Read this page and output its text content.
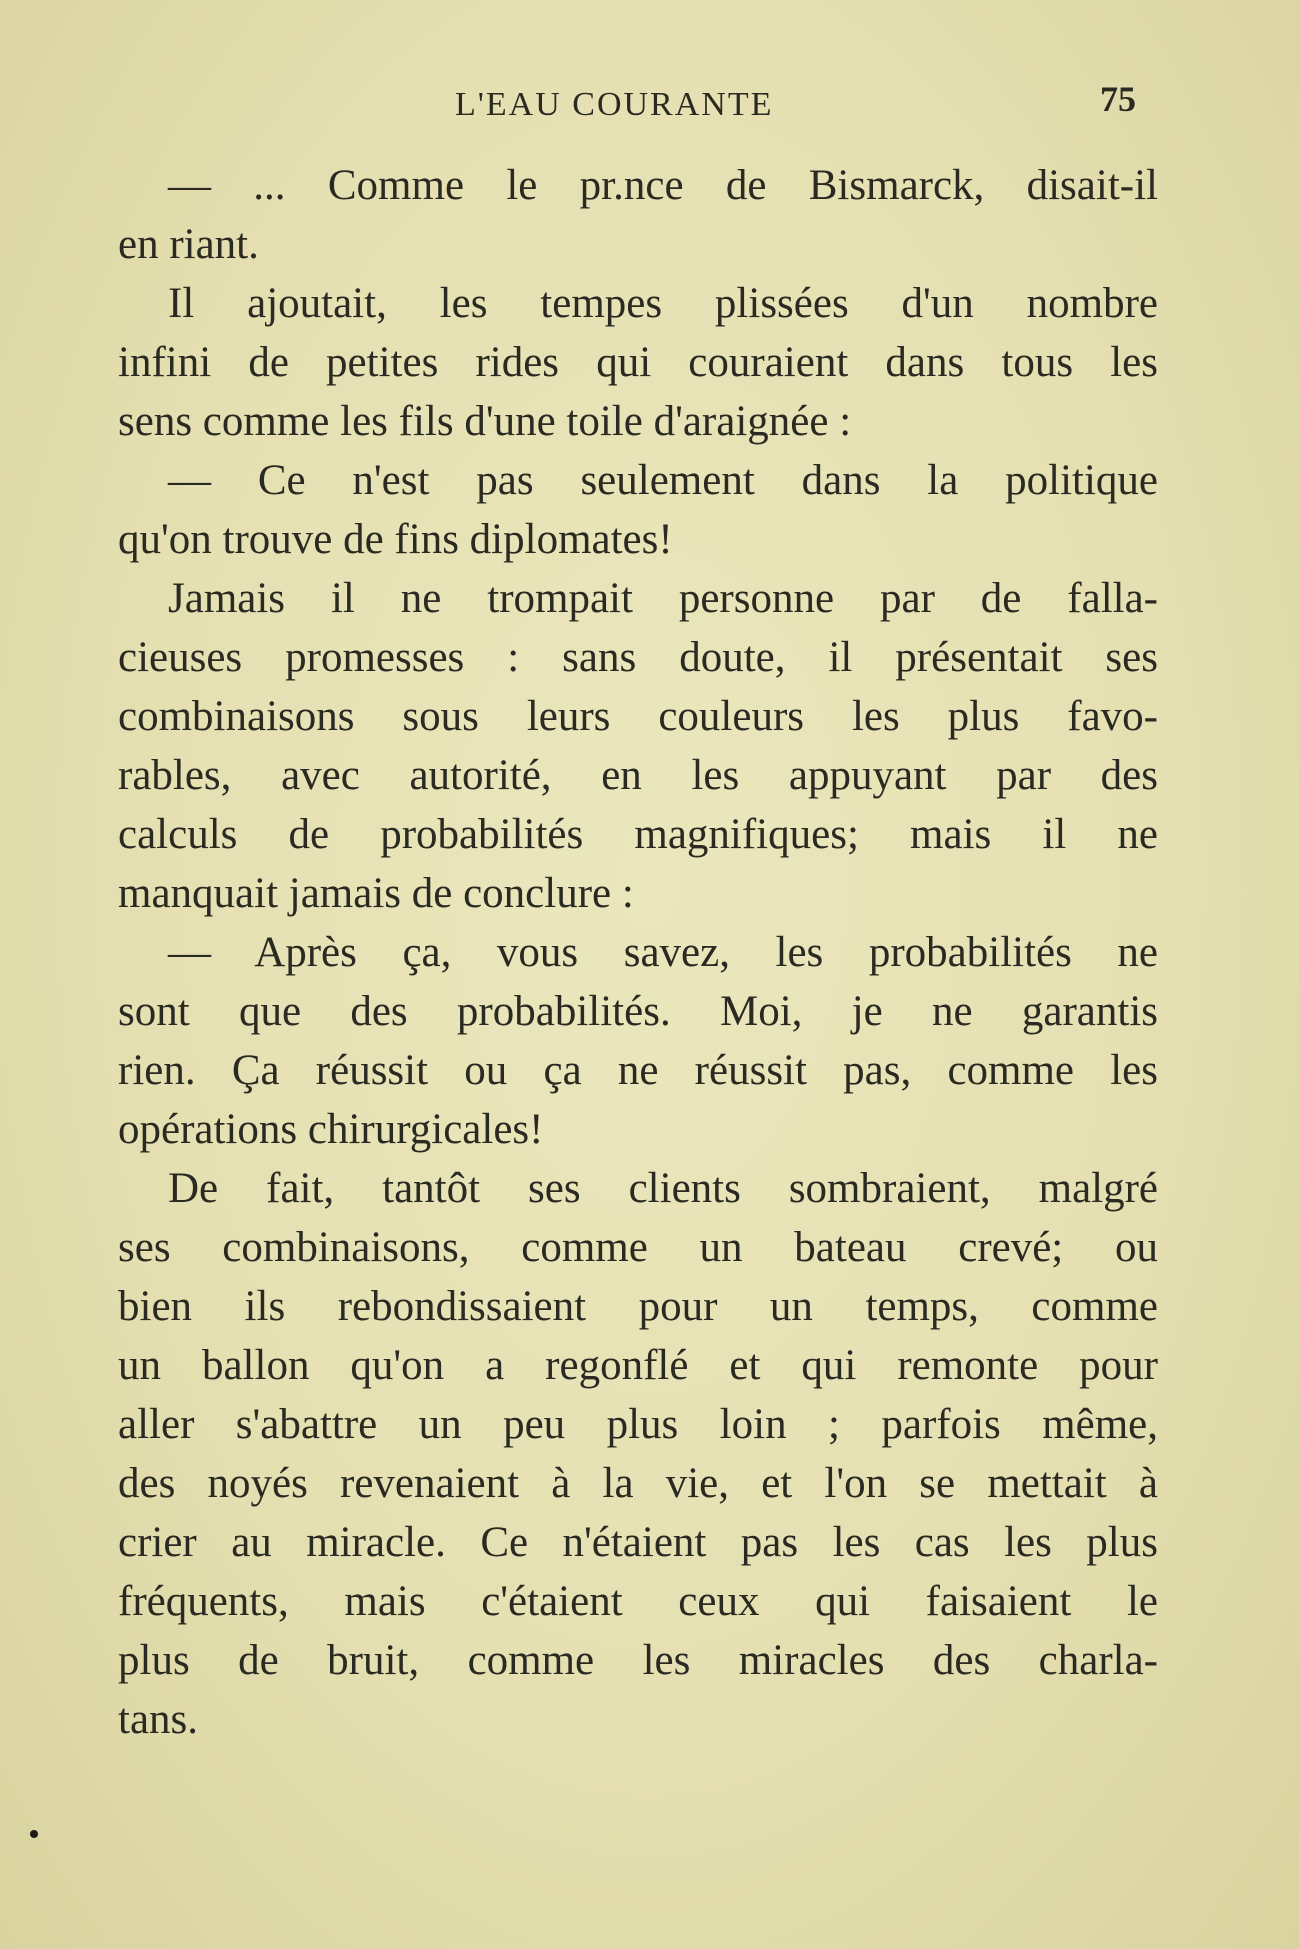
L'EAU COURANTE	75
— ... Comme le pr.nce de Bismarck, disait-il
en riant.
Il ajoutait, les tempes plissées d'un nombre
infini de petites rides qui couraient dans tous les
sens comme les fils d'une toile d'araignée :
— Ce n'est pas seulement dans la politique
qu'on trouve de fins diplomates!
Jamais il ne trompait personne par de falla-
cieuses promesses : sans doute, il présentait ses
combinaisons sous leurs couleurs les plus favo-
rables, avec autorité, en les appuyant par des
calculs de probabilités magnifiques; mais il ne
manquait jamais de conclure :
— Après ça, vous savez, les probabilités ne
sont que des probabilités. Moi, je ne garantis
rien. Ça réussit ou ça ne réussit pas, comme les
opérations chirurgicales!
De fait, tantôt ses clients sombraient, malgré
ses combinaisons, comme un bateau crevé; ou
bien ils rebondissaient pour un temps, comme
un ballon qu'on a regonflé et qui remonte pour
aller s'abattre un peu plus loin ; parfois même,
des noyés revenaient à la vie, et l'on se mettait à
crier au miracle. Ce n'étaient pas les cas les plus
fréquents, mais c'étaient ceux qui faisaient le
plus de bruit, comme les miracles des charla-
tans.
